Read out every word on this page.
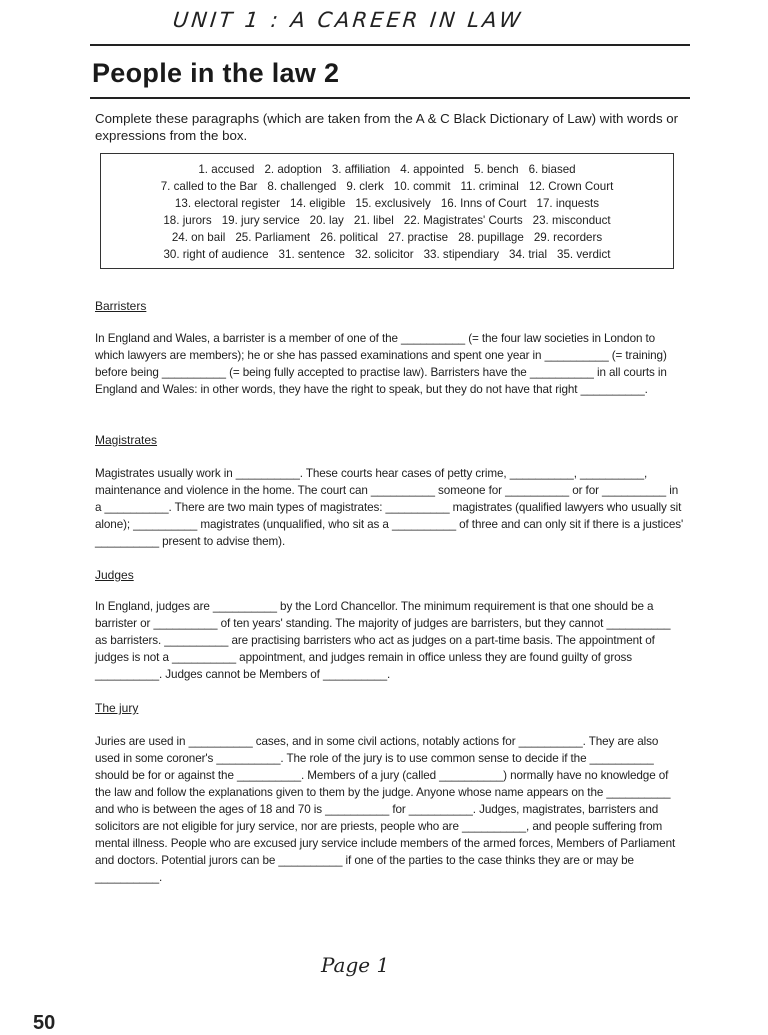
UNIT 1 : A CAREER IN LAW
People in the law 2
Complete these paragraphs (which are taken from the A & C Black Dictionary of Law) with words or expressions from the box.
1. accused 2. adoption 3. affiliation 4. appointed 5. bench 6. biased
7. called to the Bar 8. challenged 9. clerk 10. commit 11. criminal 12. Crown Court
13. electoral register 14. eligible 15. exclusively 16. Inns of Court 17. inquests
18. jurors 19. jury service 20. lay 21. libel 22. Magistrates' Courts 23. misconduct
24. on bail 25. Parliament 26. political 27. practise 28. pupillage 29. recorders
30. right of audience 31. sentence 32. solicitor 33. stipendiary 34. trial 35. verdict
Barristers
In England and Wales, a barrister is a member of one of the __________ (= the four law societies in London to which lawyers are members); he or she has passed examinations and spent one year in __________ (= training) before being __________ (= being fully accepted to practise law). Barristers have the __________ in all courts in England and Wales: in other words, they have the right to speak, but they do not have that right __________.
Magistrates
Magistrates usually work in __________. These courts hear cases of petty crime, __________, __________, maintenance and violence in the home. The court can __________ someone for __________ or for __________ in a __________. There are two main types of magistrates: __________ magistrates (qualified lawyers who usually sit alone); __________ magistrates (unqualified, who sit as a __________ of three and can only sit if there is a justices' __________ present to advise them).
Judges
In England, judges are __________ by the Lord Chancellor. The minimum requirement is that one should be a barrister or __________ of ten years' standing. The majority of judges are barristers, but they cannot __________ as barristers. __________ are practising barristers who act as judges on a part-time basis. The appointment of judges is not a __________ appointment, and judges remain in office unless they are found guilty of gross __________. Judges cannot be Members of __________.
The jury
Juries are used in __________ cases, and in some civil actions, notably actions for __________. They are also used in some coroner's __________. The role of the jury is to use common sense to decide if the __________ should be for or against the __________. Members of a jury (called __________) normally have no knowledge of the law and follow the explanations given to them by the judge. Anyone whose name appears on the __________ and who is between the ages of 18 and 70 is __________ for __________. Judges, magistrates, barristers and solicitors are not eligible for jury service, nor are priests, people who are __________, and people suffering from mental illness. People who are excused jury service include members of the armed forces, Members of Parliament and doctors. Potential jurors can be __________ if one of the parties to the case thinks they are or may be __________.
Page 1
50
